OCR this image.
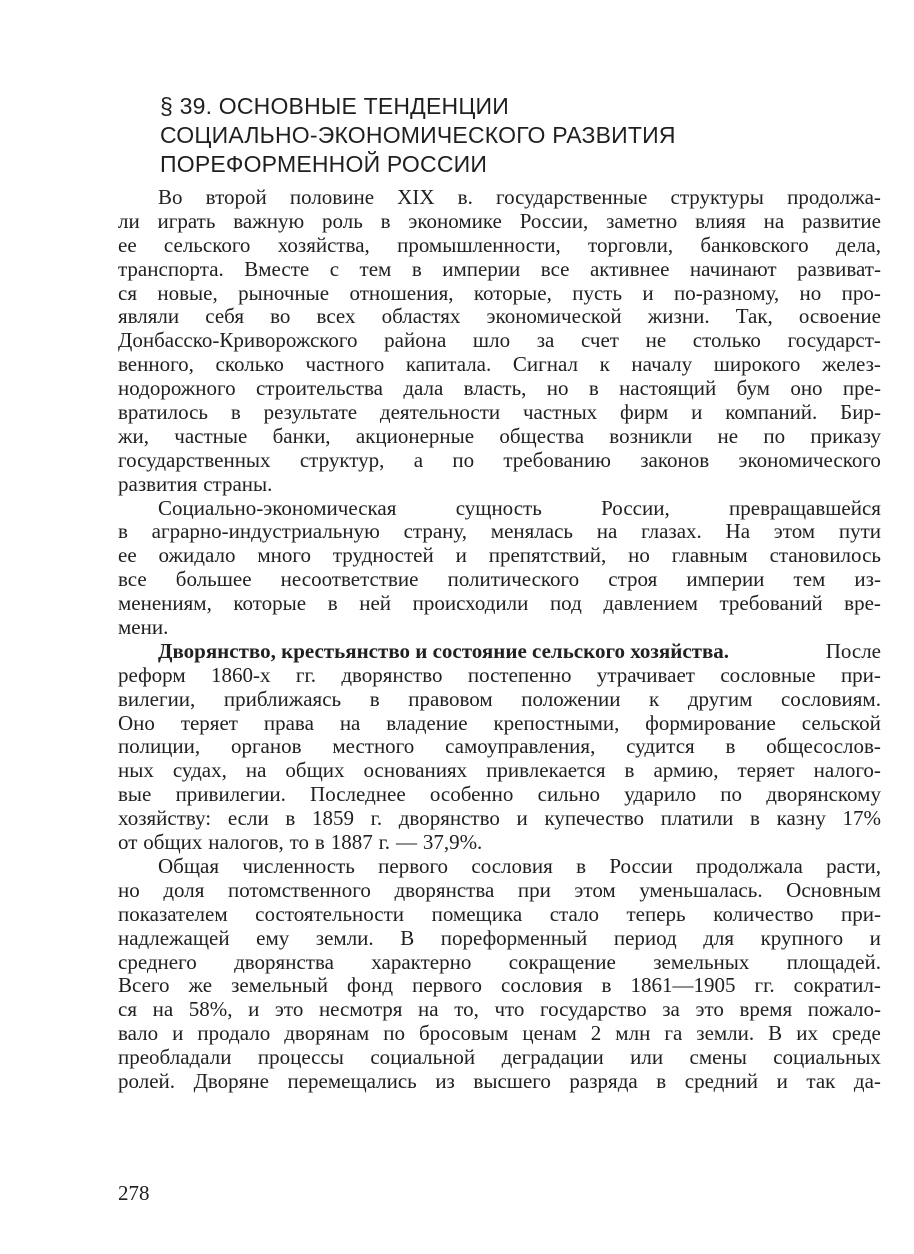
§ 39. ОСНОВНЫЕ ТЕНДЕНЦИИ
СОЦИАЛЬНО-ЭКОНОМИЧЕСКОГО РАЗВИТИЯ
ПОРЕФОРМЕННОЙ РОССИИ
Во второй половине XIX в. государственные структуры продолжа-
ли играть важную роль в экономике России, заметно влияя на развитие
ее сельского хозяйства, промышленности, торговли, банковского дела,
транспорта. Вместе с тем в империи все активнее начинают развиват-
ся новые, рыночные отношения, которые, пусть и по-разному, но про-
являли себя во всех областях экономической жизни. Так, освоение
Донбасско-Криворожского района шло за счет не столько государст-
венного, сколько частного капитала. Сигнал к началу широкого желез-
нодорожного строительства дала власть, но в настоящий бум оно пре-
вратилось в результате деятельности частных фирм и компаний. Бир-
жи, частные банки, акционерные общества возникли не по приказу
государственных структур, а по требованию законов экономического
развития страны.
Социально-экономическая	сущность	России,	превращавшейся
в аграрно-индустриальную страну, менялась на глазах. На этом пути
ее ожидало много трудностей и препятствий, но главным становилось
все большее несоответствие политического строя империи тем из-
менениям, которые в ней происходили под давлением требований вре-
мени.
Дворянство, крестьянство и состояние сельского хозяйства.	После
реформ 1860-х гг. дворянство постепенно утрачивает сословные при-
вилегии, приближаясь в правовом положении к другим сословиям.
Оно теряет права на владение крепостными, формирование сельской
полиции, органов местного самоуправления, судится в общесослов-
ных судах, на общих основаниях привлекается в армию, теряет налого-
вые привилегии. Последнее особенно сильно ударило по дворянскому
хозяйству: если в 1859 г. дворянство и купечество платили в казну 17%
от общих налогов, то в 1887 г. — 37,9%.
Общая численность первого сословия в России продолжала расти,
но доля потомственного дворянства при этом уменьшалась. Основным
показателем состоятельности помещика стало теперь количество при-
надлежащей ему земли. В пореформенный период для крупного и
среднего дворянства характерно сокращение земельных площадей.
Всего же земельный фонд первого сословия в 1861—1905 гг. сократил-
ся на 58%, и это несмотря на то, что государство за это время пожало-
вало и продало дворянам по бросовым ценам 2 млн га земли. В их среде
преобладали процессы социальной деградации или смены социальных
ролей. Дворяне перемещались из высшего разряда в средний и так да-
278
